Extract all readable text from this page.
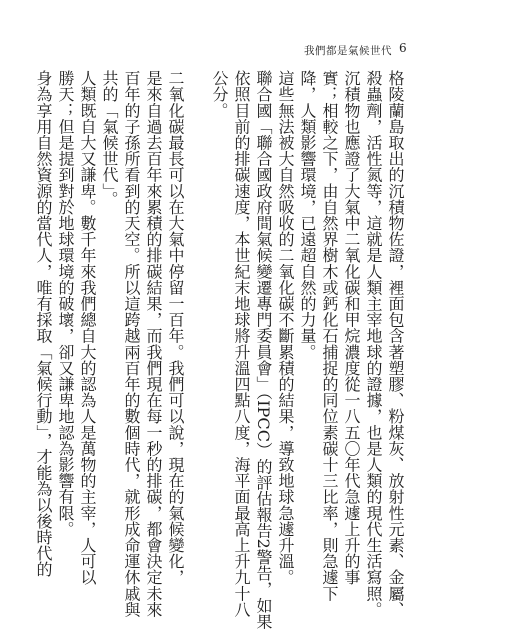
我們都是氣候世代 6
格陵蘭島取出的沉積物佐證，裡面包含著塑膠、粉煤灰、放射性元素、金屬、
殺蟲劑，活性氮等，這就是人類主宰地球的證據，也是人類的現代生活寫照。
沉積物也應證了大氣中二氧化碳和甲烷濃度從一八五〇年代急遽上升的事
實；相較之下，由自然界樹木或鈣化石捕捉的同位素碳十三比率，則急遽下
降，人類影響環境，已遠超自然的力量。
這些無法被大自然吸收的二氧化碳不斷累積的結果，導致地球急遽升溫。
聯合國「聯合國政府間氣候變遷專門委員會」（IPCC）的評估報告2警告，如果
依照目前的排碳速度，本世紀末地球將升溫四點八度，海平面最高上升九十八
公分。
二氧化碳最長可以在大氣中停留一百年。我們可以說，現在的氣候變化，
是來自過去百年來累積的排碳結果，而我們現在每一秒的排碳，都會決定未來
百年的子孫所看到的天空。所以這跨越兩百年的數個時代，就形成命運休戚與
共的「氣候世代」。
人類既自大又謙卑。數千年來我們總自大的認為人是萬物的主宰，人可以
勝天；但是提到對於地球環境的破壞，卻又謙卑地認為影響有限。
身為享用自然資源的當代人，唯有採取「氣候行動」，才能為以後時代的
